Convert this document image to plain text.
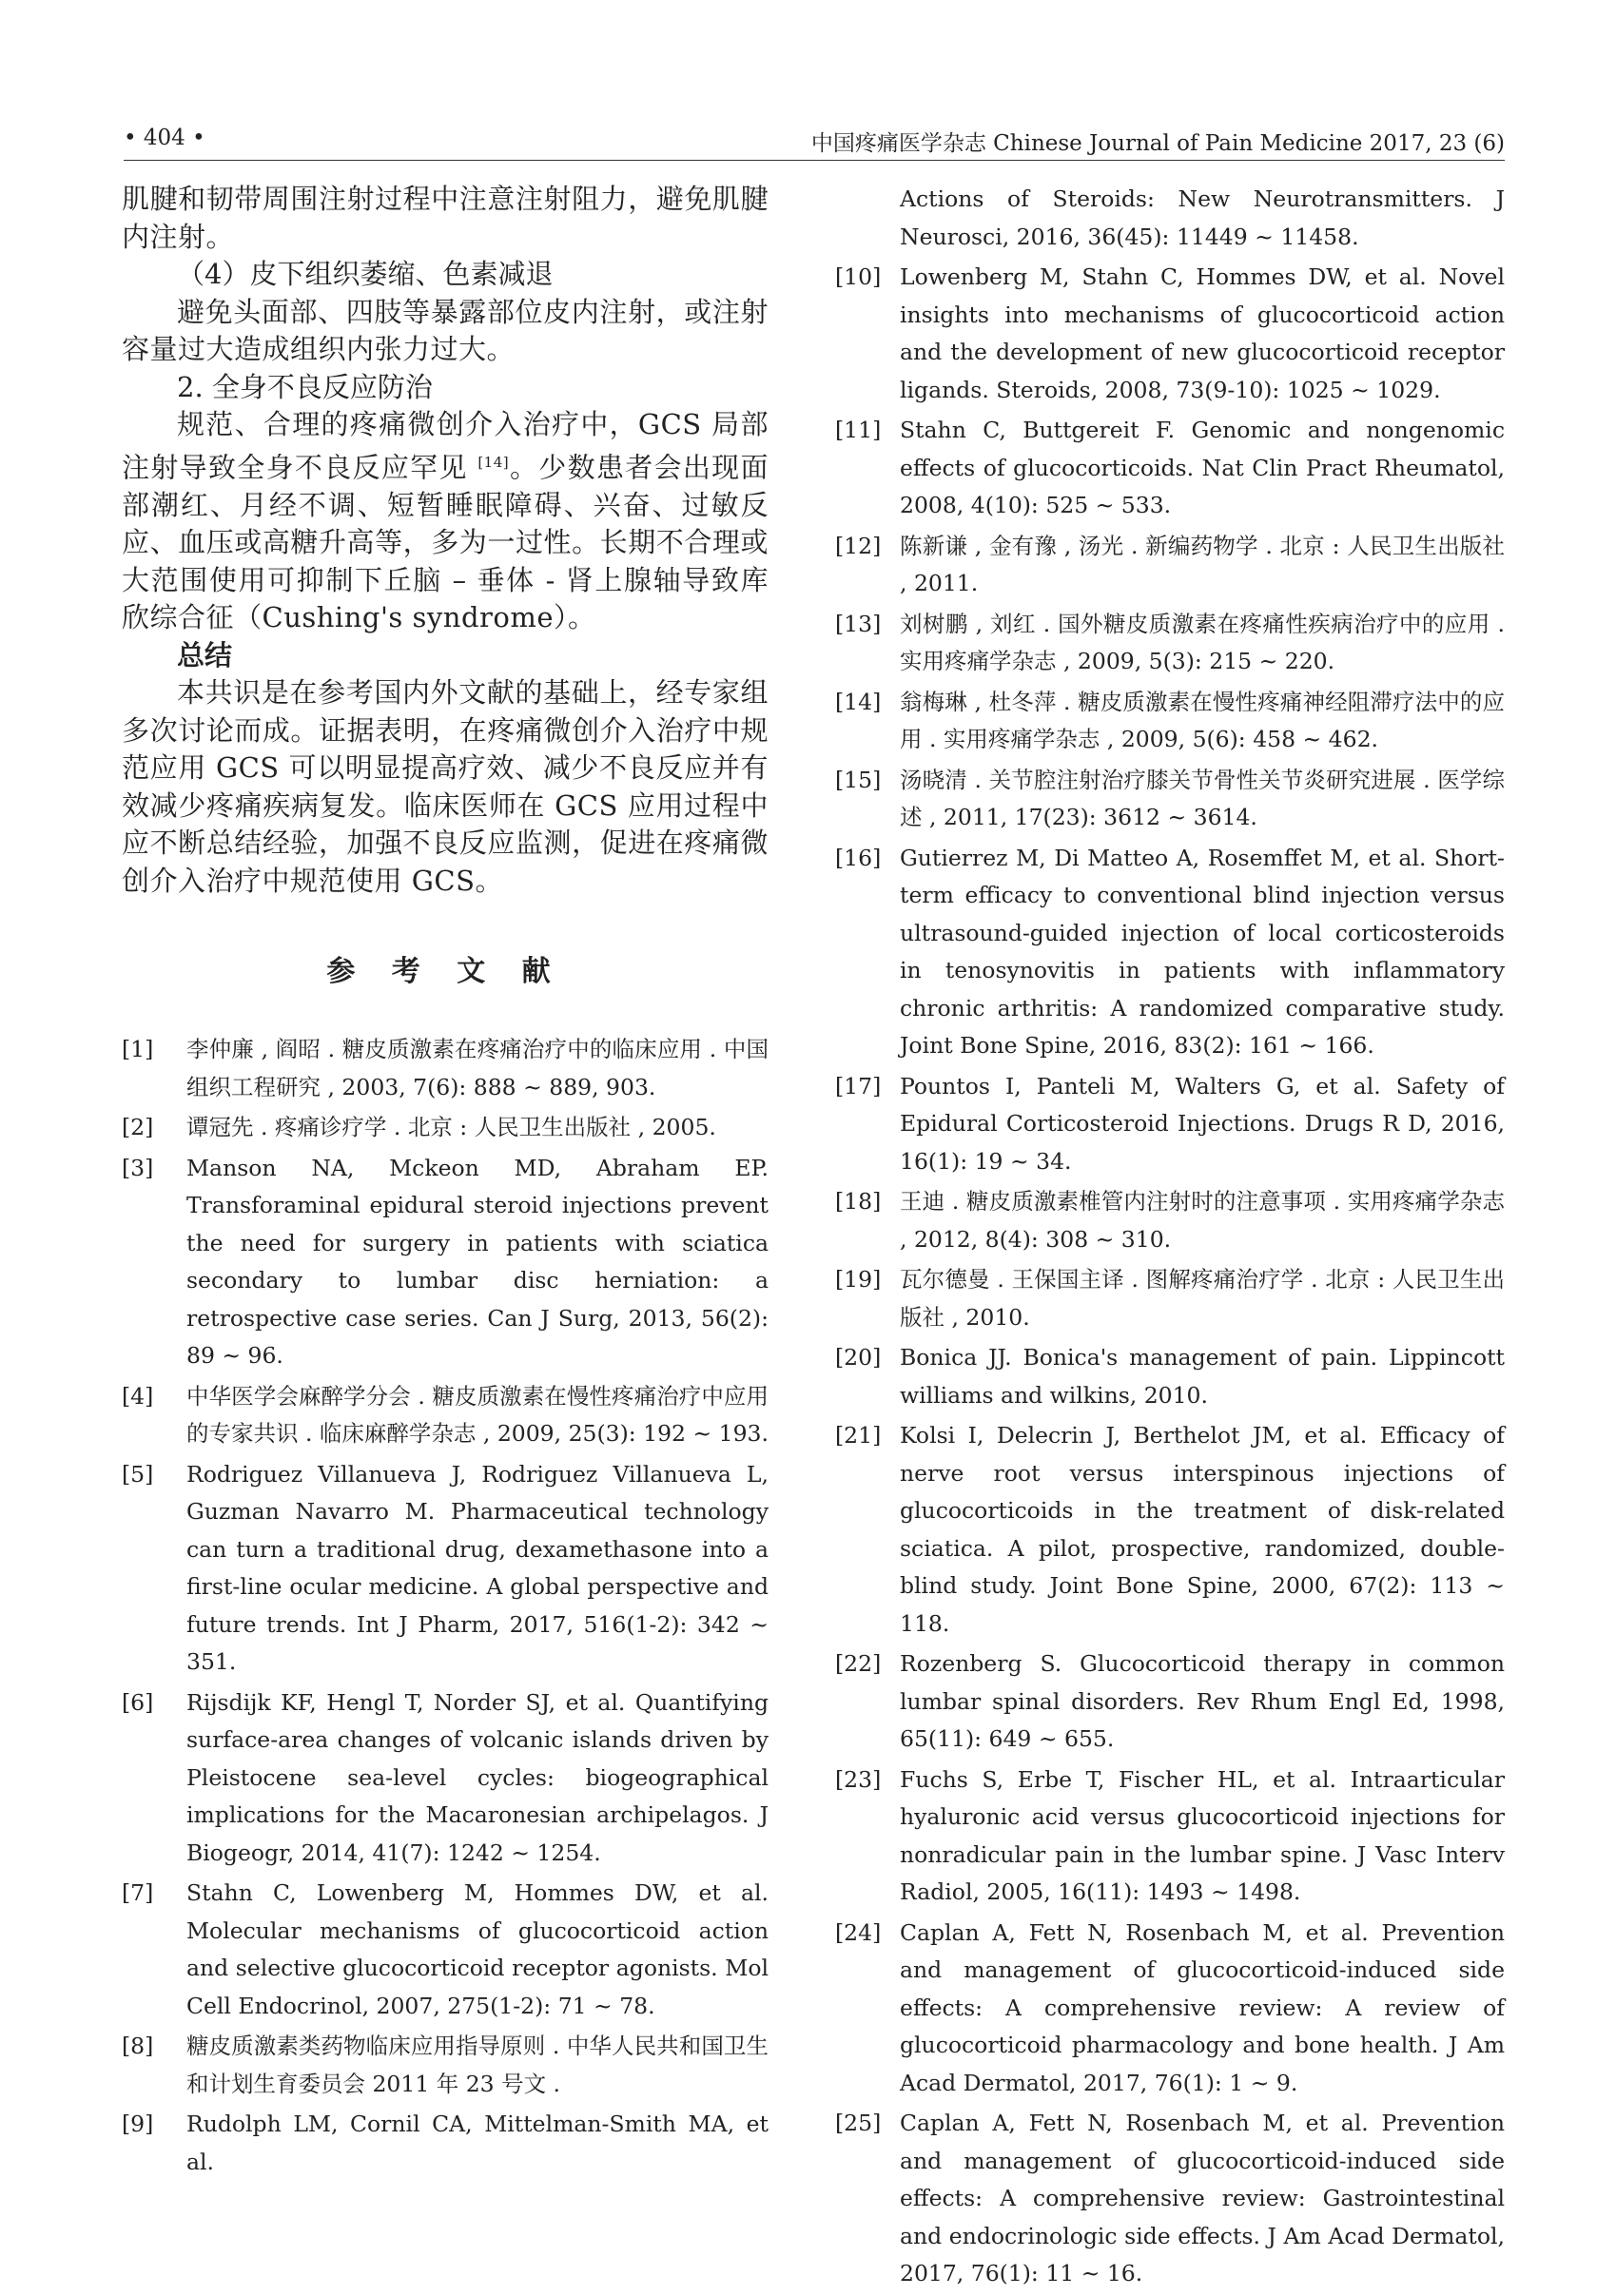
• 404 •	中国疼痛医学杂志 Chinese Journal of Pain Medicine 2017, 23 (6)

肌腱和韧带周围注射过程中注意注射阻力，避免肌腱内注射。

（4）皮下组织萎缩、色素减退

避免头面部、四肢等暴露部位皮内注射，或注射容量过大造成组织内张力过大。

2. 全身不良反应防治

规范、合理的疼痛微创介入治疗中，GCS 局部注射导致全身不良反应罕见 [14]。少数患者会出现面部潮红、月经不调、短暂睡眠障碍、兴奋、过敏反应、血压或高糖升高等，多为一过性。长期不合理或大范围使用可抑制下丘脑 – 垂体 - 肾上腺轴导致库欣综合征（Cushing's syndrome）。

总结

本共识是在参考国内外文献的基础上，经专家组多次讨论而成。证据表明，在疼痛微创介入治疗中规范应用 GCS 可以明显提高疗效、减少不良反应并有效减少疼痛疾病复发。临床医师在 GCS 应用过程中应不断总结经验，加强不良反应监测，促进在疼痛微创介入治疗中规范使用 GCS。

参 考 文 献
[1]	李仲廉 , 阎昭 . 糖皮质激素在疼痛治疗中的临床应用 . 中国组织工程研究 , 2003, 7(6): 888 ~ 889, 903.
[2]	谭冠先 . 疼痛诊疗学 . 北京 : 人民卫生出版社 , 2005.
[3]	Manson NA, Mckeon MD, Abraham EP. Transforaminal epidural steroid injections prevent the need for surgery in patients with sciatica secondary to lumbar disc herniation: a retrospective case series. Can J Surg, 2013, 56(2): 89 ~ 96.
[4]	中华医学会麻醉学分会 . 糖皮质激素在慢性疼痛治疗中应用的专家共识 . 临床麻醉学杂志 , 2009, 25(3): 192 ~ 193.
[5]	Rodriguez Villanueva J, Rodriguez Villanueva L, Guzman Navarro M. Pharmaceutical technology can turn a traditional drug, dexamethasone into a first-line ocular medicine. A global perspective and future trends. Int J Pharm, 2017, 516(1-2): 342 ~ 351.
[6]	Rijsdijk KF, Hengl T, Norder SJ, et al. Quantifying surface-area changes of volcanic islands driven by Pleistocene sea-level cycles: biogeographical implications for the Macaronesian archipelagos. J Biogeogr, 2014, 41(7): 1242 ~ 1254.
[7]	Stahn C, Lowenberg M, Hommes DW, et al. Molecular mechanisms of glucocorticoid action and selective glucocorticoid receptor agonists. Mol Cell Endocrinol, 2007, 275(1-2): 71 ~ 78.
[8]	糖皮质激素类药物临床应用指导原则 . 中华人民共和国卫生和计划生育委员会 2011 年 23 号文 .
[9]	Rudolph LM, Cornil CA, Mittelman-Smith MA, et al.
Actions of Steroids: New Neurotransmitters. J Neurosci, 2016, 36(45): 11449 ~ 11458.
[10] Lowenberg M, Stahn C, Hommes DW, et al. Novel insights into mechanisms of glucocorticoid action and the development of new glucocorticoid receptor ligands. Steroids, 2008, 73(9-10): 1025 ~ 1029.
[11] Stahn C, Buttgereit F. Genomic and nongenomic effects of glucocorticoids. Nat Clin Pract Rheumatol, 2008, 4(10): 525 ~ 533.
[12] 陈新谦 , 金有豫 , 汤光 . 新编药物学 . 北京 : 人民卫生出版社 , 2011.
[13] 刘树鹏 , 刘红 . 国外糖皮质激素在疼痛性疾病治疗中的应用 . 实用疼痛学杂志 , 2009, 5(3): 215 ~ 220.
[14] 翁梅琳 , 杜冬萍 . 糖皮质激素在慢性疼痛神经阻滞疗法中的应用 . 实用疼痛学杂志 , 2009, 5(6): 458 ~ 462.
[15] 汤晓清 . 关节腔注射治疗膝关节骨性关节炎研究进展 . 医学综述 , 2011, 17(23): 3612 ~ 3614.
[16] Gutierrez M, Di Matteo A, Rosemffet M, et al. Short-term efficacy to conventional blind injection versus ultrasound-guided injection of local corticosteroids in tenosynovitis in patients with inflammatory chronic arthritis: A randomized comparative study. Joint Bone Spine, 2016, 83(2): 161 ~ 166.
[17] Pountos I, Panteli M, Walters G, et al. Safety of Epidural Corticosteroid Injections. Drugs R D, 2016, 16(1): 19 ~ 34.
[18] 王迪 . 糖皮质激素椎管内注射时的注意事项 . 实用疼痛学杂志 , 2012, 8(4): 308 ~ 310.
[19] 瓦尔德曼 . 王保国主译 . 图解疼痛治疗学 . 北京 : 人民卫生出版社 , 2010.
[20] Bonica JJ. Bonica's management of pain. Lippincott williams and wilkins, 2010.
[21] Kolsi I, Delecrin J, Berthelot JM, et al. Efficacy of nerve root versus interspinous injections of glucocorticoids in the treatment of disk-related sciatica. A pilot, prospective, randomized, double-blind study. Joint Bone Spine, 2000, 67(2): 113 ~ 118.
[22] Rozenberg S. Glucocorticoid therapy in common lumbar spinal disorders. Rev Rhum Engl Ed, 1998, 65(11): 649 ~ 655.
[23] Fuchs S, Erbe T, Fischer HL, et al. Intraarticular hyaluronic acid versus glucocorticoid injections for nonradicular pain in the lumbar spine. J Vasc Interv Radiol, 2005, 16(11): 1493 ~ 1498.
[24] Caplan A, Fett N, Rosenbach M, et al. Prevention and management of glucocorticoid-induced side effects: A comprehensive review: A review of glucocorticoid pharmacology and bone health. J Am Acad Dermatol, 2017, 76(1): 1 ~ 9.
[25] Caplan A, Fett N, Rosenbach M, et al. Prevention and management of glucocorticoid-induced side effects: A comprehensive review: Gastrointestinal and endocrinologic side effects. J Am Acad Dermatol, 2017, 76(1): 11 ~ 16.
